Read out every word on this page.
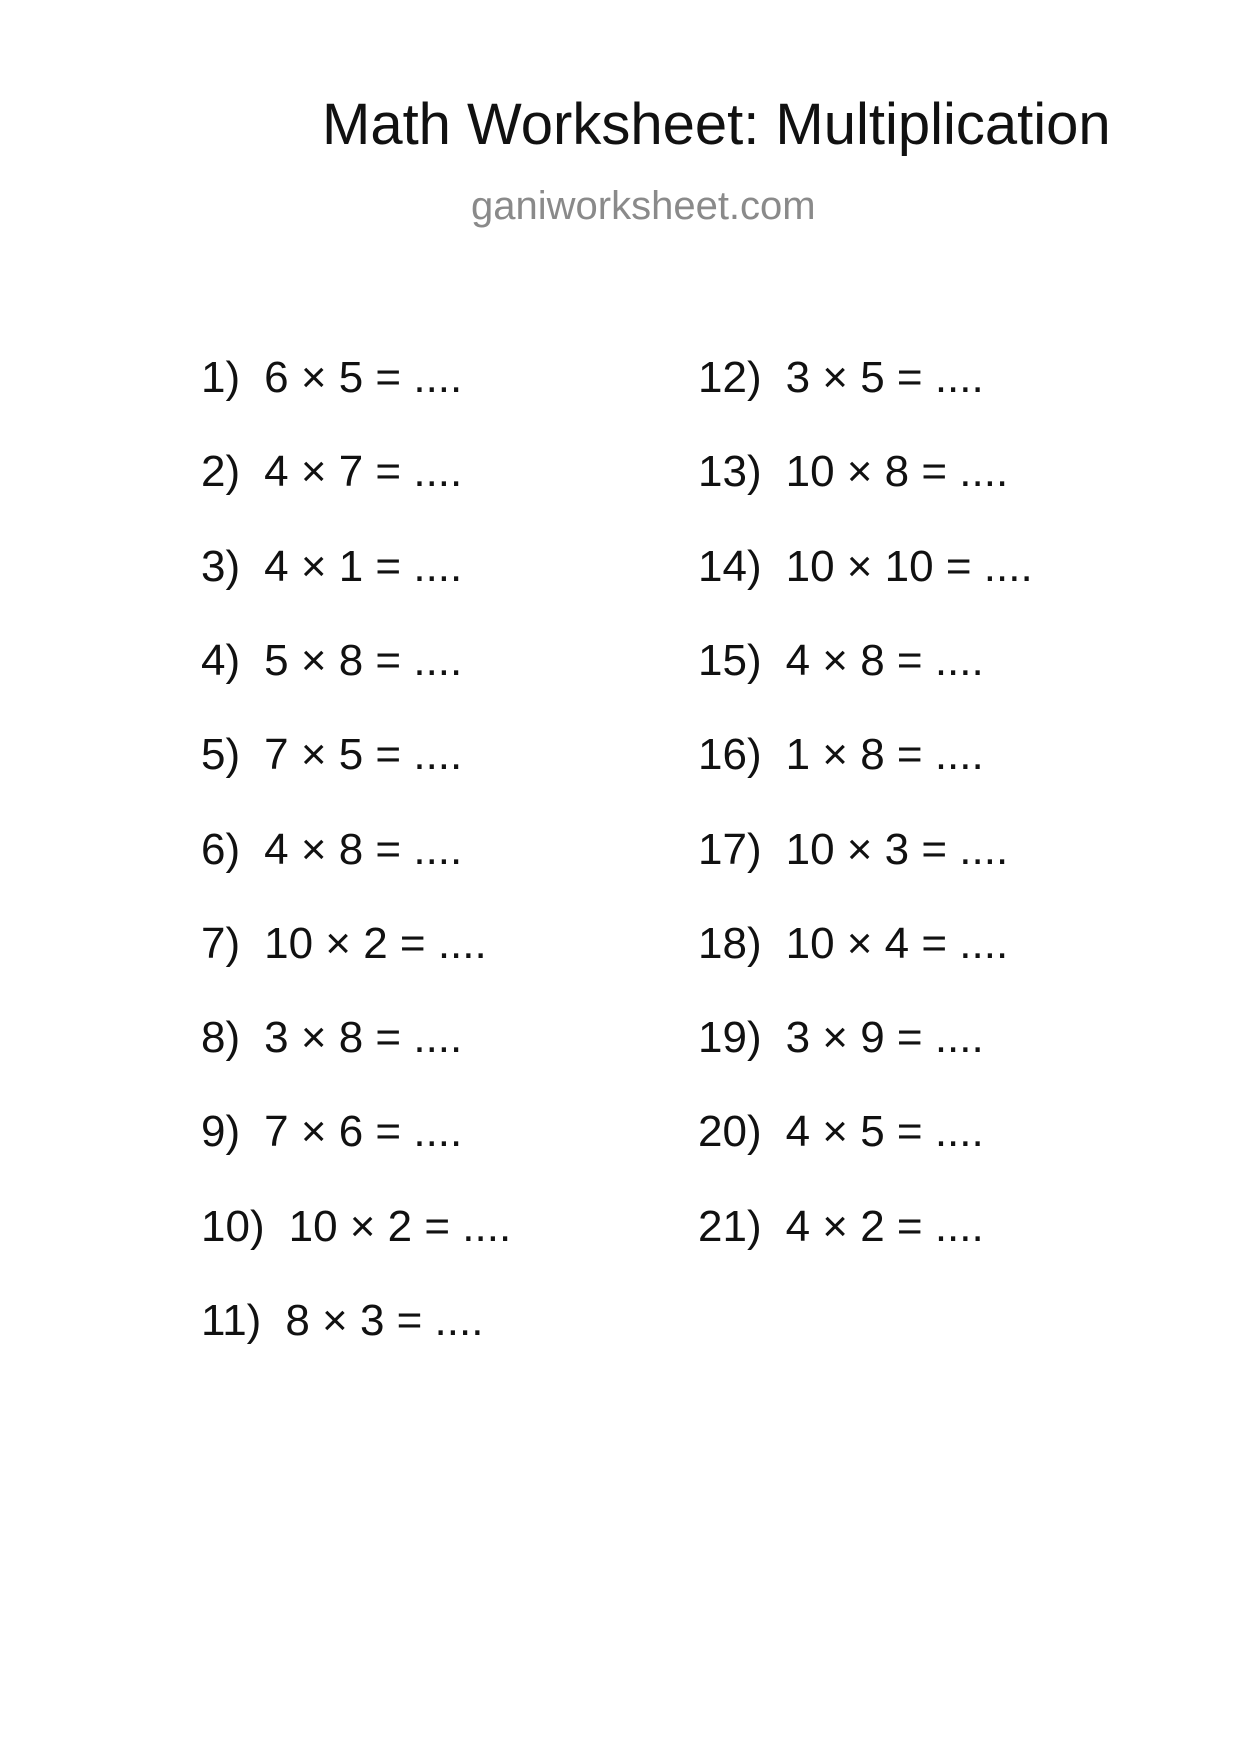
Math Worksheet: Multiplication
ganiworksheet.com
1) 6 × 5 = ....
2) 4 × 7 = ....
3) 4 × 1 = ....
4) 5 × 8 = ....
5) 7 × 5 = ....
6) 4 × 8 = ....
7) 10 × 2 = ....
8) 3 × 8 = ....
9) 7 × 6 = ....
10) 10 × 2 = ....
11) 8 × 3 = ....
12) 3 × 5 = ....
13) 10 × 8 = ....
14) 10 × 10 = ....
15) 4 × 8 = ....
16) 1 × 8 = ....
17) 10 × 3 = ....
18) 10 × 4 = ....
19) 3 × 9 = ....
20) 4 × 5 = ....
21) 4 × 2 = ....
